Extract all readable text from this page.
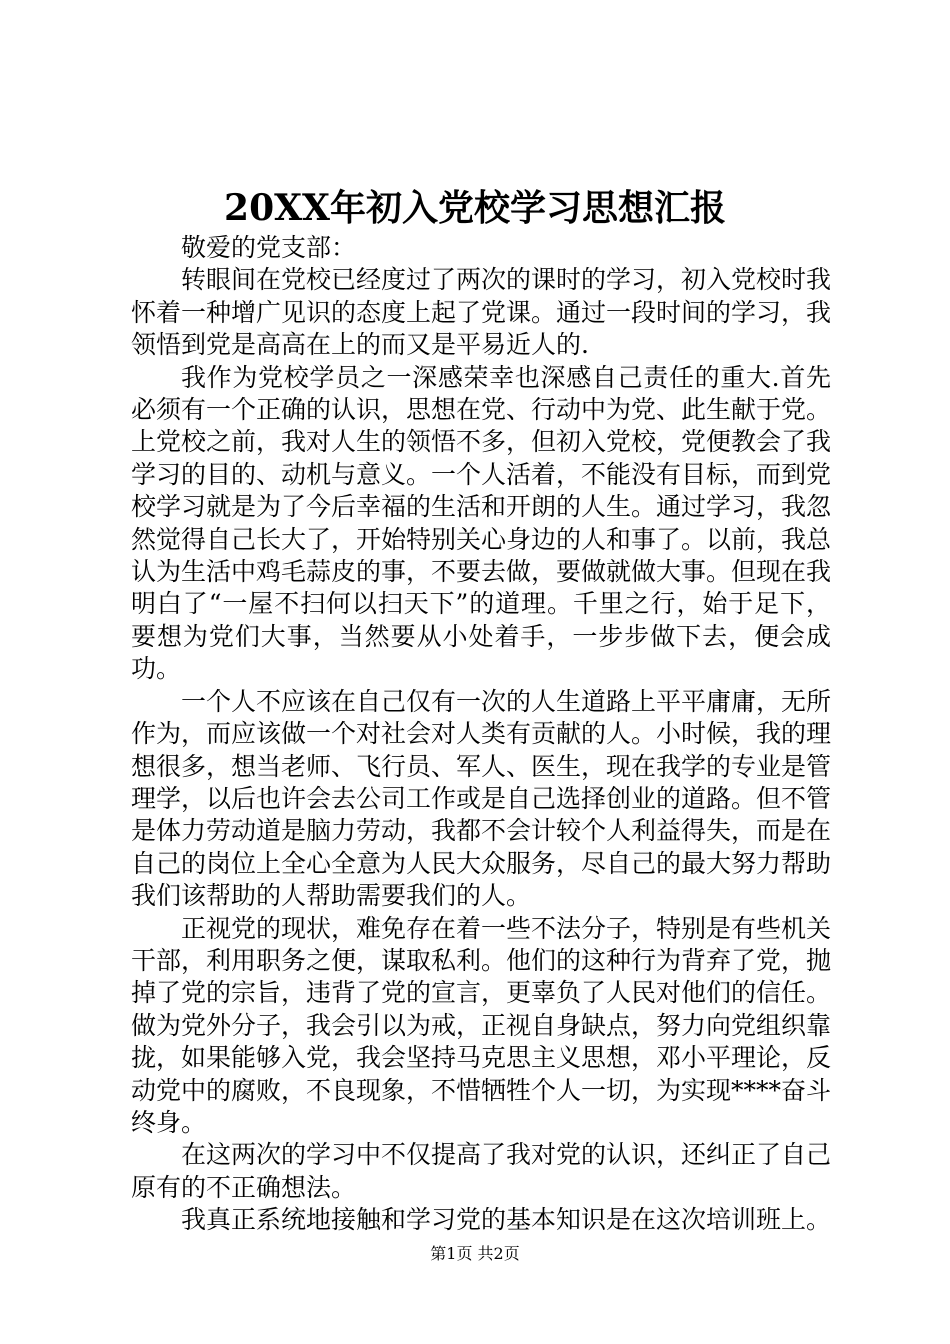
20XX年初入党校学习思想汇报

敬爱的党支部：

转眼间在党校已经度过了两次的课时的学习，初入党校时我怀着一种增广见识的态度上起了党课。通过一段时间的学习，我领悟到党是高高在上的而又是平易近人的.

我作为党校学员之一深感荣幸也深感自己责任的重大.首先必须有一个正确的认识，思想在党、行动中为党、此生献于党。上党校之前，我对人生的领悟不多，但初入党校，党便教会了我学习的目的、动机与意义。一个人活着，不能没有目标，而到党校学习就是为了今后幸福的生活和开朗的人生。通过学习，我忽然觉得自己长大了，开始特别关心身边的人和事了。以前，我总认为生活中鸡毛蒜皮的事，不要去做，要做就做大事。但现在我明白了“一屋不扫何以扫天下”的道理。千里之行，始于足下，要想为党们大事，当然要从小处着手，一步步做下去，便会成功。

一个人不应该在自己仅有一次的人生道路上平平庸庸，无所作为，而应该做一个对社会对人类有贡献的人。小时候，我的理想很多，想当老师、飞行员、军人、医生，现在我学的专业是管理学，以后也许会去公司工作或是自己选择创业的道路。但不管是体力劳动道是脑力劳动，我都不会计较个人利益得失，而是在自己的岗位上全心全意为人民大众服务，尽自己的最大努力帮助我们该帮助的人帮助需要我们的人。

正视党的现状，难免存在着一些不法分子，特别是有些机关干部，利用职务之便，谋取私利。他们的这种行为背弃了党，抛掉了党的宗旨，违背了党的宣言，更辜负了人民对他们的信任。做为党外分子，我会引以为戒，正视自身缺点，努力向党组织靠拢，如果能够入党，我会坚持马克思主义思想，邓小平理论，反动党中的腐败，不良现象，不惜牺牲个人一切，为实现****奋斗终身。

在这两次的学习中不仅提高了我对党的认识，还纠正了自己原有的不正确想法。

我真正系统地接触和学习党的基本知识是在这次培训班上。

第1页 共2页
